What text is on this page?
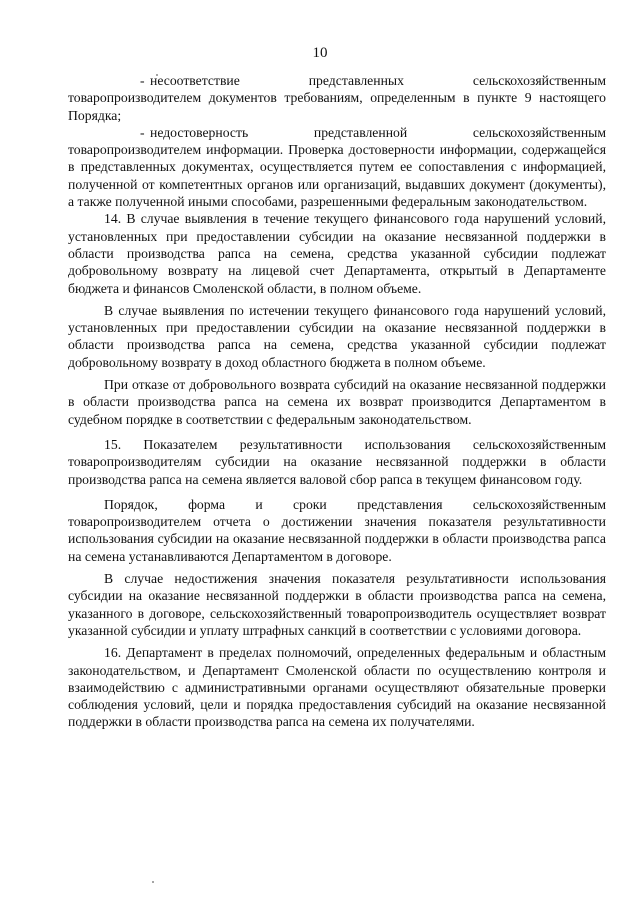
10

- несоответствие представленных сельскохозяйственным товаропроизводителем документов требованиям, определенным в пункте 9 настоящего Порядка;

- недостоверность представленной сельскохозяйственным товаропроизводителем информации. Проверка достоверности информации, содержащейся в представленных документах, осуществляется путем ее сопоставления с информацией, полученной от компетентных органов или организаций, выдавших документ (документы), а также полученной иными способами, разрешенными федеральным законодательством.

14. В случае выявления в течение текущего финансового года нарушений условий, установленных при предоставлении субсидии на оказание несвязанной поддержки в области производства рапса на семена, средства указанной субсидии подлежат добровольному возврату на лицевой счет Департамента, открытый в Департаменте бюджета и финансов Смоленской области, в полном объеме.

В случае выявления по истечении текущего финансового года нарушений условий, установленных при предоставлении субсидии на оказание несвязанной поддержки в области производства рапса на семена, средства указанной субсидии подлежат добровольному возврату в доход областного бюджета в полном объеме.

При отказе от добровольного возврата субсидий на оказание несвязанной поддержки в области производства рапса на семена их возврат производится Департаментом в судебном порядке в соответствии с федеральным законодательством.

15. Показателем результативности использования сельскохозяйственным товаропроизводителям субсидии на оказание несвязанной поддержки в области производства рапса на семена является валовой сбор рапса в текущем финансовом году.

Порядок, форма и сроки представления сельскохозяйственным товаропроизводителем отчета о достижении значения показателя результативности использования субсидии на оказание несвязанной поддержки в области производства рапса на семена устанавливаются Департаментом в договоре.

В случае недостижения значения показателя результативности использования субсидии на оказание несвязанной поддержки в области производства рапса на семена, указанного в договоре, сельскохозяйственный товаропроизводитель осуществляет возврат указанной субсидии и уплату штрафных санкций в соответствии с условиями договора.

16. Департамент в пределах полномочий, определенных федеральным и областным законодательством, и Департамент Смоленской области по осуществлению контроля и взаимодействию с административными органами осуществляют обязательные проверки соблюдения условий, цели и порядка предоставления субсидий на оказание несвязанной поддержки в области производства рапса на семена их получателями.
